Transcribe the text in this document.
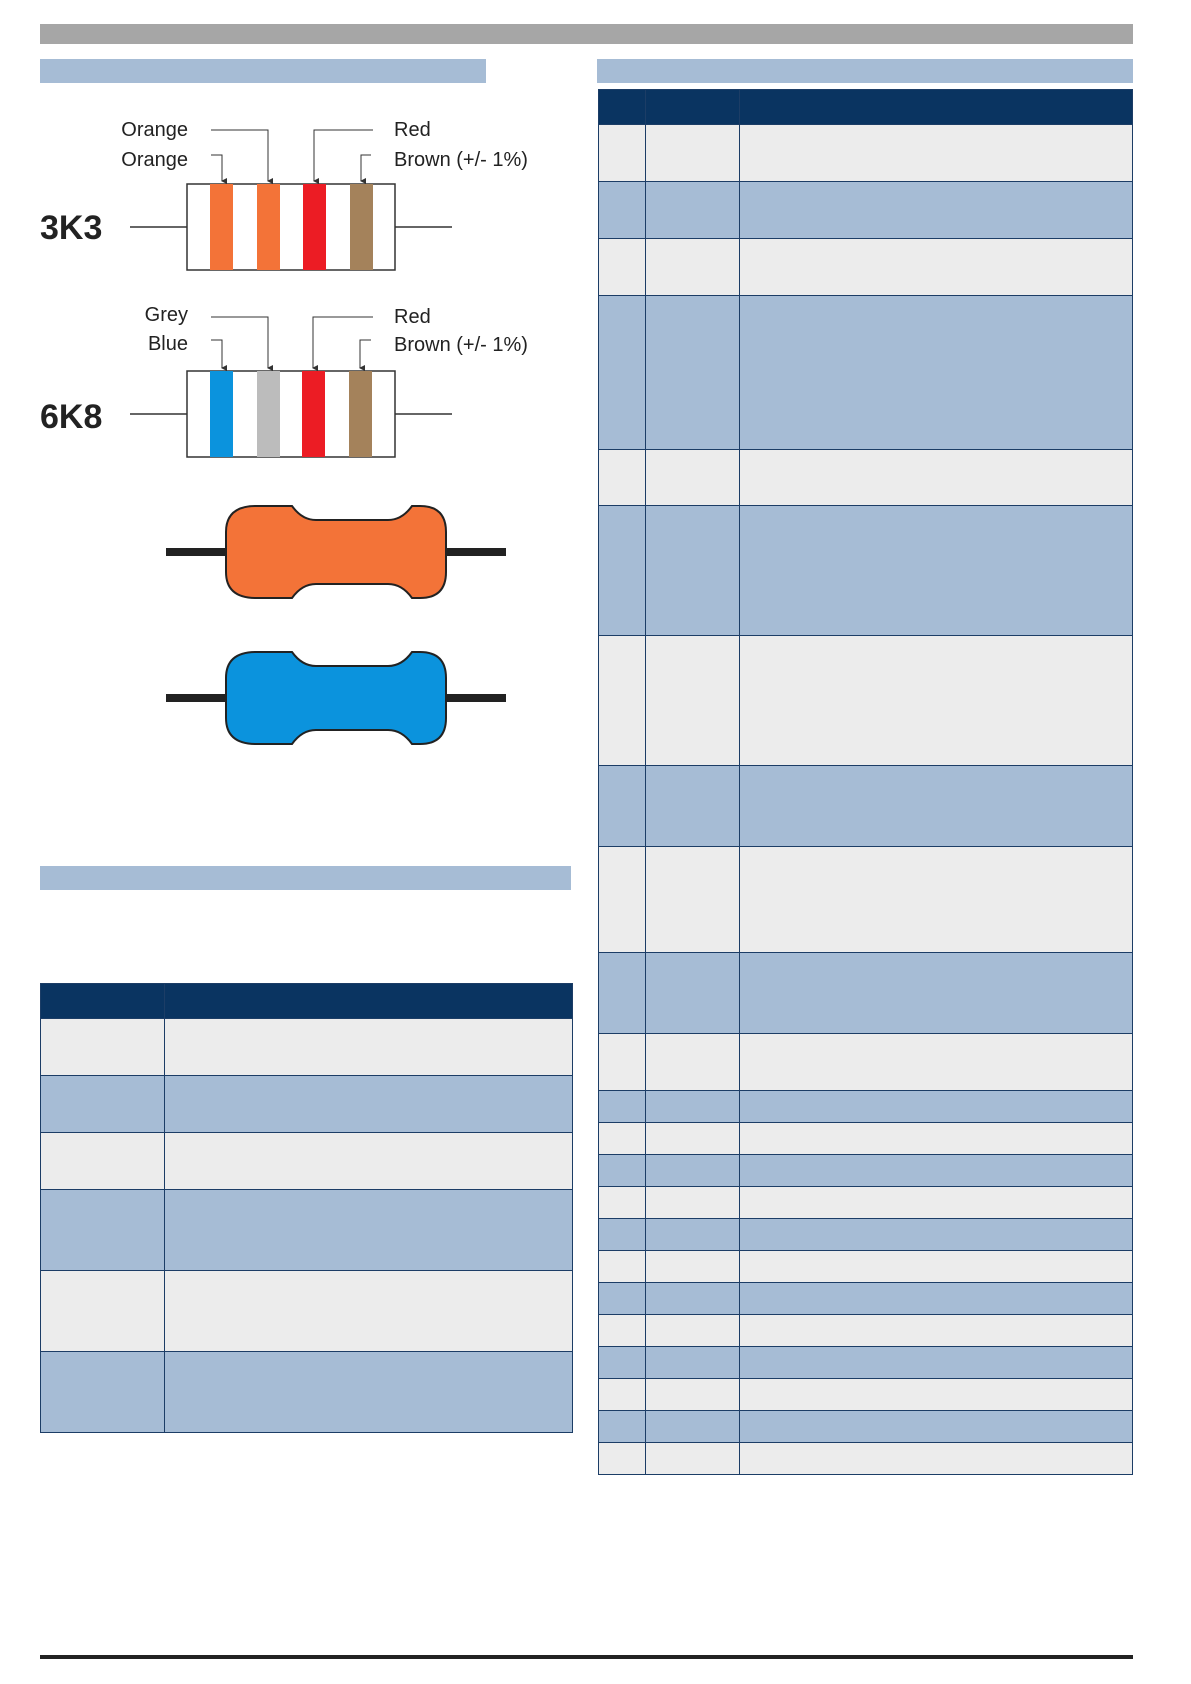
Orange
Orange
Red
Brown (+/- 1%)
3K3
Grey
Blue
Red
Brown (+/- 1%)
6K8
